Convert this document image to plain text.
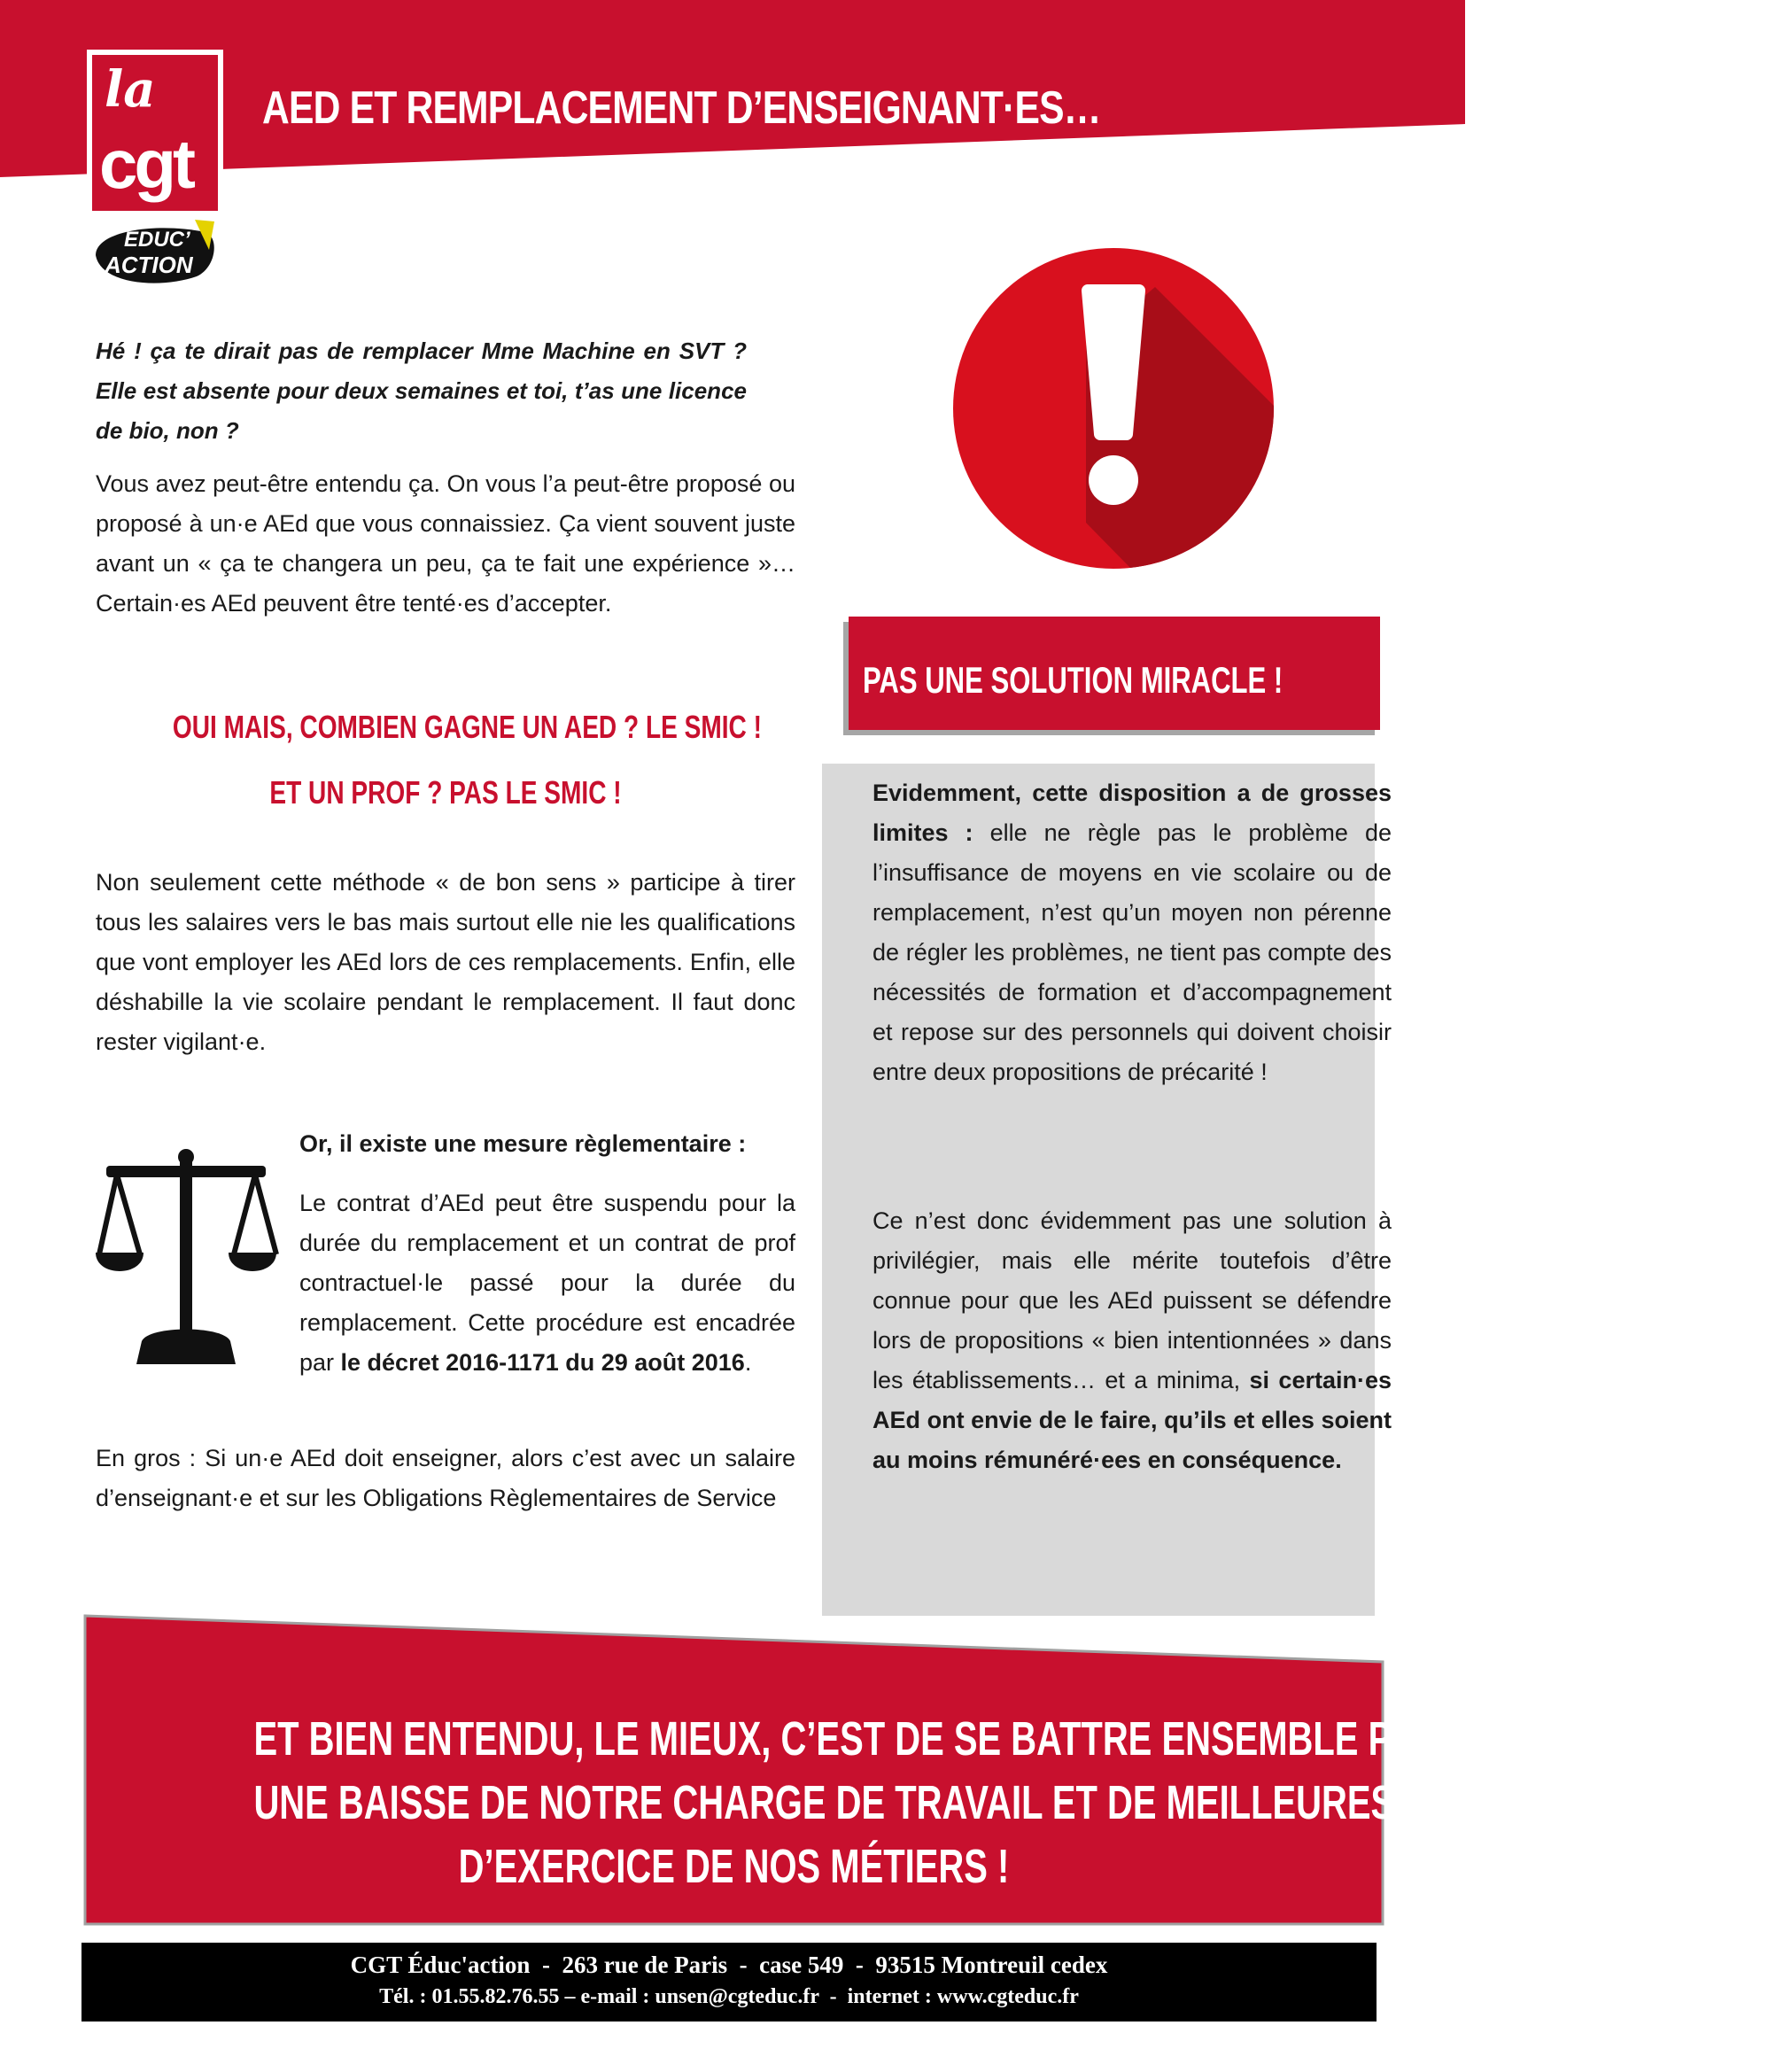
AED ET REMPLACEMENT D’ENSEIGNANT·ES…
la
cgt
ÉDUC’
ACTION
Hé ! ça te dirait pas de remplacer Mme Machine en SVT ? Elle est absente pour deux semaines et toi, t’as une licence de bio, non ?

Vous avez peut-être entendu ça. On vous l’a peut-être proposé ou proposé à un·e AEd que vous connaissiez. Ça vient souvent juste avant un « ça te changera un peu, ça te fait une expérience »… Certain·es AEd peuvent être tenté·es d’accepter.

OUI MAIS, COMBIEN GAGNE UN AED ? LE SMIC !
ET UN PROF ? PAS LE SMIC !

Non seulement cette méthode « de bon sens » participe à tirer tous les salaires vers le bas mais surtout elle nie les qualifications que vont employer les AEd lors de ces remplacements. Enfin, elle déshabille la vie scolaire pendant le remplacement. Il faut donc rester vigilant·e.

Or, il existe une mesure règlementaire :

Le contrat d’AEd peut être suspendu pour la durée du remplacement et un contrat de prof contractuel·le passé pour la durée du remplacement. Cette procédure est encadrée par le décret 2016-1171 du 29 août 2016.

En gros : Si un·e AEd doit enseigner, alors c’est avec un salaire d’enseignant·e et sur les Obligations Règlementaires de Service

PAS UNE SOLUTION MIRACLE !

Evidemment, cette disposition a de grosses limites : elle ne règle pas le problème de l’insuffisance de moyens en vie scolaire ou de remplacement, n’est qu’un moyen non pérenne de régler les problèmes, ne tient pas compte des nécessités de formation et d’accompagnement et repose sur des personnels qui doivent choisir entre deux propositions de précarité !

Ce n’est donc évidemment pas une solution à privilégier, mais elle mérite toutefois d’être connue pour que les AEd puissent se défendre lors de propositions « bien intentionnées » dans les établissements… et a minima, si certain·es AEd ont envie de le faire, qu’ils et elles soient au moins rémunéré·ees en conséquence.

ET BIEN ENTENDU, LE MIEUX, C’EST DE SE BATTRE ENSEMBLE POUR UN VRAI STATUT,
UNE BAISSE DE NOTRE CHARGE DE TRAVAIL ET DE MEILLEURES CONDITIONS
D’EXERCICE DE NOS MÉTIERS !
CGT Éduc'action  -  263 rue de Paris  -  case 549  -  93515 Montreuil cedex
Tél. : 01.55.82.76.55 – e-mail : unsen@cgteduc.fr  -  internet : www.cgteduc.fr
